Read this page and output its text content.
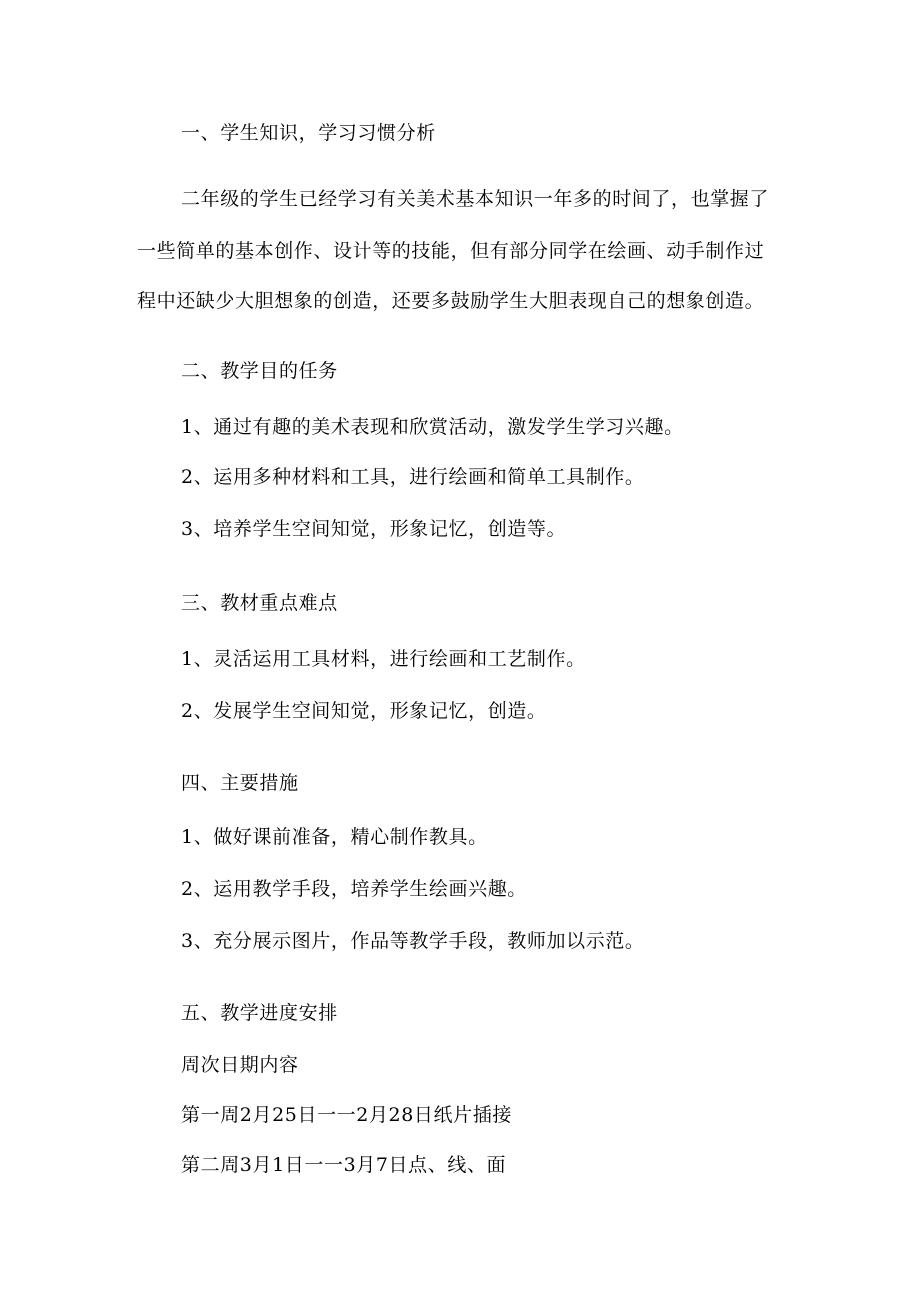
一、学生知识，学习习惯分析
二年级的学生已经学习有关美术基本知识一年多的时间了，也掌握了
一些简单的基本创作、设计等的技能，但有部分同学在绘画、动手制作过
程中还缺少大胆想象的创造，还要多鼓励学生大胆表现自己的想象创造。
二、教学目的任务
1、通过有趣的美术表现和欣赏活动，激发学生学习兴趣。
2、运用多种材料和工具，进行绘画和简单工具制作。
3、培养学生空间知觉，形象记忆，创造等。
三、教材重点难点
1、灵活运用工具材料，进行绘画和工艺制作。
2、发展学生空间知觉，形象记忆，创造。
四、主要措施
1、做好课前准备，精心制作教具。
2、运用教学手段，培养学生绘画兴趣。
3、充分展示图片，作品等教学手段，教师加以示范。
五、教学进度安排
周次日期内容
第一周2月25日一一2月28日纸片插接
第二周3月1日一一3月7日点、线、面
